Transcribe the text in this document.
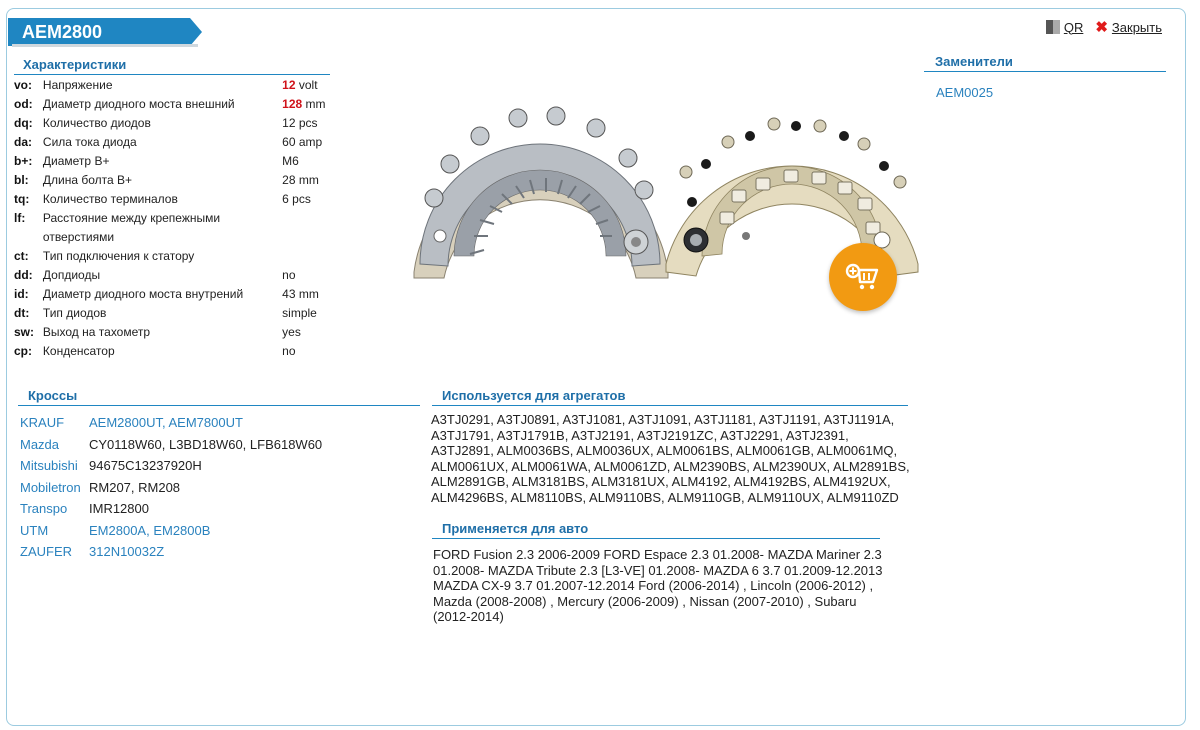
AEM2800	QR ✖ Закрыть
Характеристики
vo: Напряжение	12 volt
od: Диаметр диодного моста внешний	128 mm
dq: Количество диодов	12 pcs
da: Сила тока диода	60 amp
b+: Диаметр B+	M6
bl:	Длина болта B+	28 mm
tq:	Количество терминалов	6 pcs
lf:	Расстояние между крепежными отверстиями
ct:	Тип подключения к статору
dd: Допдиоды	no
id:	Диаметр диодного моста внутрений	43 mm
dt:	Тип диодов	simple
sw: Выход на тахометр	yes
cp: Конденсатор	no
Заменители
AEM0025
Кроссы
KRAUF	AEM2800UT, AEM7800UT
Mazda	CY0118W60, L3BD18W60, LFB618W60
Mitsubishi 94675C13237920H
Mobiletron RM207, RM208
Transpo	IMR12800
UTM	EM2800A, EM2800B
ZAUFER	312N10032Z
Используется для агрегатов
A3TJ0291, A3TJ0891, A3TJ1081, A3TJ1091, A3TJ1181, A3TJ1191, A3TJ1191A, A3TJ1791, A3TJ1791B, A3TJ2191, A3TJ2191ZC, A3TJ2291, A3TJ2391, A3TJ2891, ALM0036BS, ALM0036UX, ALM0061BS, ALM0061GB, ALM0061MQ, ALM0061UX, ALM0061WA, ALM0061ZD, ALM2390BS, ALM2390UX, ALM2891BS, ALM2891GB, ALM3181BS, ALM3181UX, ALM4192, ALM4192BS, ALM4192UX, ALM4296BS, ALM8110BS, ALM9110BS, ALM9110GB, ALM9110UX, ALM9110ZD
Применяется для авто
FORD Fusion 2.3 2006-2009 FORD Espace 2.3 01.2008- MAZDA Mariner 2.3 01.2008- MAZDA Tribute 2.3 [L3-VE] 01.2008- MAZDA 6 3.7 01.2009-12.2013 MAZDA CX-9 3.7 01.2007-12.2014 Ford (2006-2014) , Lincoln (2006-2012) , Mazda (2008-2008) , Mercury (2006-2009) , Nissan (2007-2010) , Subaru (2012-2014)
